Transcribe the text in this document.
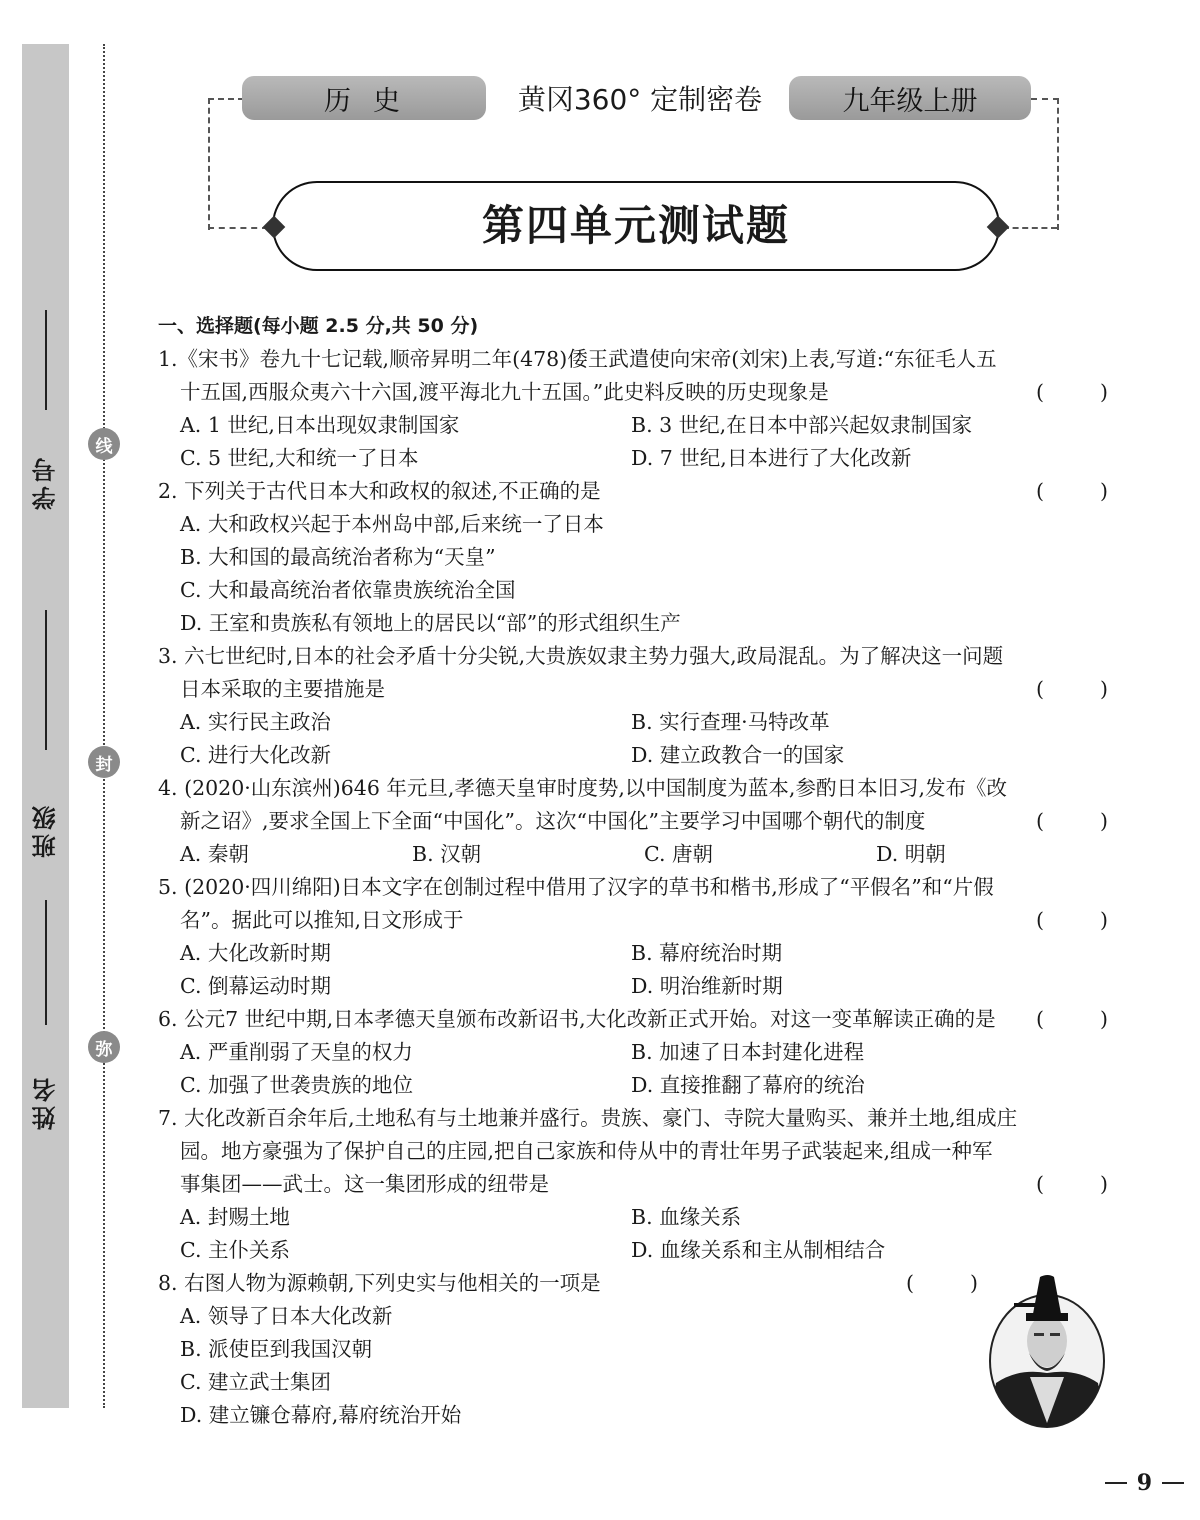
学号
班级
姓名
线
封
弥
历史	黄冈360° 定制密卷	九年级上册
第四单元测试题
一、选择题(每小题 2.5 分,共 50 分)
1.《宋书》卷九十七记载,顺帝昇明二年(478)倭王武遣使向宋帝(刘宋)上表,写道:“东征毛人五
十五国,西服众夷六十六国,渡平海北九十五国。”此史料反映的历史现象是	(	)
A. 1 世纪,日本出现奴隶制国家	B. 3 世纪,在日本中部兴起奴隶制国家
C. 5 世纪,大和统一了日本	D. 7 世纪,日本进行了大化改新
2. 下列关于古代日本大和政权的叙述,不正确的是	(	)
A. 大和政权兴起于本州岛中部,后来统一了日本
B. 大和国的最高统治者称为“天皇”
C. 大和最高统治者依靠贵族统治全国
D. 王室和贵族私有领地上的居民以“部”的形式组织生产
3. 六七世纪时,日本的社会矛盾十分尖锐,大贵族奴隶主势力强大,政局混乱。为了解决这一问题
日本采取的主要措施是	(	)
A. 实行民主政治	B. 实行查理·马特改革
C. 进行大化改新	D. 建立政教合一的国家
4. (2020·山东滨州)646 年元旦,孝德天皇审时度势,以中国制度为蓝本,参酌日本旧习,发布《改
新之诏》,要求全国上下全面“中国化”。这次“中国化”主要学习中国哪个朝代的制度	(	)
A. 秦朝	B. 汉朝	C. 唐朝	D. 明朝
5. (2020·四川绵阳)日本文字在创制过程中借用了汉字的草书和楷书,形成了“平假名”和“片假
名”。据此可以推知,日文形成于	(	)
A. 大化改新时期	B. 幕府统治时期
C. 倒幕运动时期	D. 明治维新时期
6. 公元7 世纪中期,日本孝德天皇颁布改新诏书,大化改新正式开始。对这一变革解读正确的是 (	)
A. 严重削弱了天皇的权力	B. 加速了日本封建化进程
C. 加强了世袭贵族的地位	D. 直接推翻了幕府的统治
7. 大化改新百余年后,土地私有与土地兼并盛行。贵族、豪门、寺院大量购买、兼并土地,组成庄
园。地方豪强为了保护自己的庄园,把自己家族和侍从中的青壮年男子武装起来,组成一种军
事集团——武士。这一集团形成的纽带是	(	)
A. 封赐土地	B. 血缘关系
C. 主仆关系	D. 血缘关系和主从制相结合
8. 右图人物为源赖朝,下列史实与他相关的一项是	(	)
A. 领导了日本大化改新
B. 派使臣到我国汉朝
C. 建立武士集团
D. 建立镰仓幕府,幕府统治开始
9
